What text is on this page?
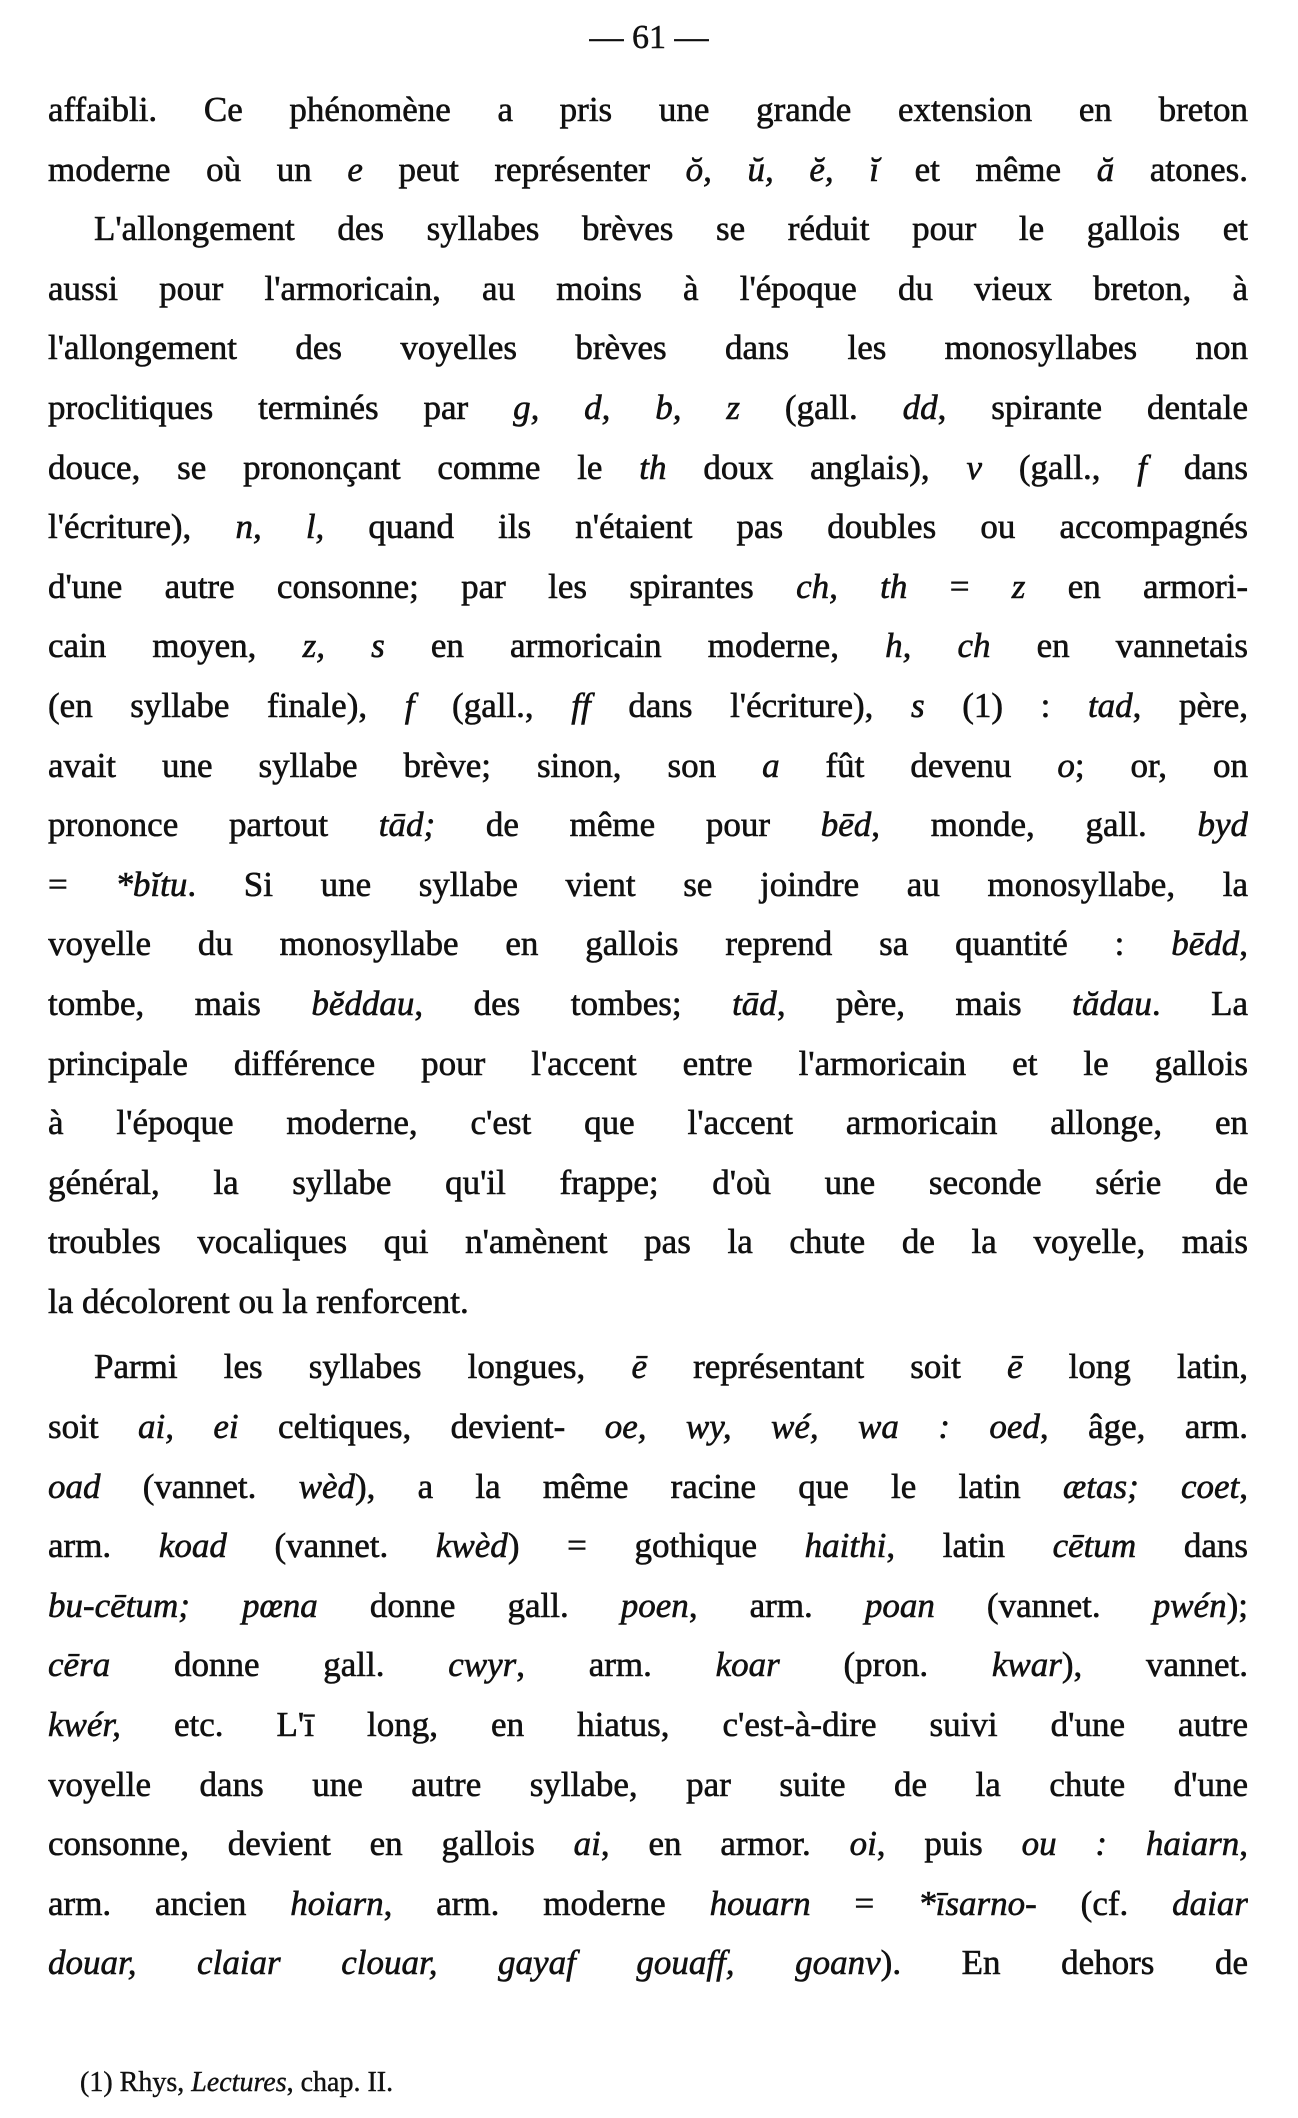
— 61 —
affaibli. Ce phénomène a pris une grande extension en breton
moderne où un e peut représenter ŏ, ŭ, ĕ, ĭ et même ă atones.
L'allongement des syllabes brèves se réduit pour le gallois et
aussi pour l'armoricain, au moins à l'époque du vieux breton, à
l'allongement des voyelles brèves dans les monosyllabes non
proclitiques terminés par g, d, b, z (gall. dd, spirante dentale
douce, se prononçant comme le th doux anglais), v (gall., f dans
l'écriture), n, l, quand ils n'étaient pas doubles ou accompagnés
d'une autre consonne; par les spirantes ch, th = z en armori-
cain moyen, z, s en armoricain moderne, h, ch en vannetais
(en syllabe finale), f (gall., ff dans l'écriture), s (1) : tad, père,
avait une syllabe brève; sinon, son a fût devenu o; or, on
prononce partout tād; de même pour bēd, monde, gall. byd
= *bĭtu. Si une syllabe vient se joindre au monosyllabe, la
voyelle du monosyllabe en gallois reprend sa quantité : bēdd,
tombe, mais bĕddau, des tombes; tād, père, mais tădau. La
principale différence pour l'accent entre l'armoricain et le gallois
à l'époque moderne, c'est que l'accent armoricain allonge, en
général, la syllabe qu'il frappe; d'où une seconde série de
troubles vocaliques qui n'amènent pas la chute de la voyelle, mais
la décolorent ou la renforcent.
Parmi les syllabes longues, ē représentant soit ē long latin,
soit ai, ei celtiques, devient- oe, wy, wé, wa : oed, âge, arm.
oad (vannet. wèd), a la même racine que le latin ætas; coet,
arm. koad (vannet. kwèd) = gothique haithi, latin cētum dans
bu-cētum; pœna donne gall. poen, arm. poan (vannet. pwén);
cēra donne gall. cwyr, arm. koar (pron. kwar), vannet.
kwér, etc. L'ī long, en hiatus, c'est-à-dire suivi d'une autre
voyelle dans une autre syllabe, par suite de la chute d'une
consonne, devient en gallois ai, en armor. oi, puis ou : haiarn,
arm. ancien hoiarn, arm. moderne houarn = *īsarno- (cf. daiar
douar, claiar clouar, gayaf gouaff, goanv). En dehors de
(1) Rhys, Lectures, chap. II.
